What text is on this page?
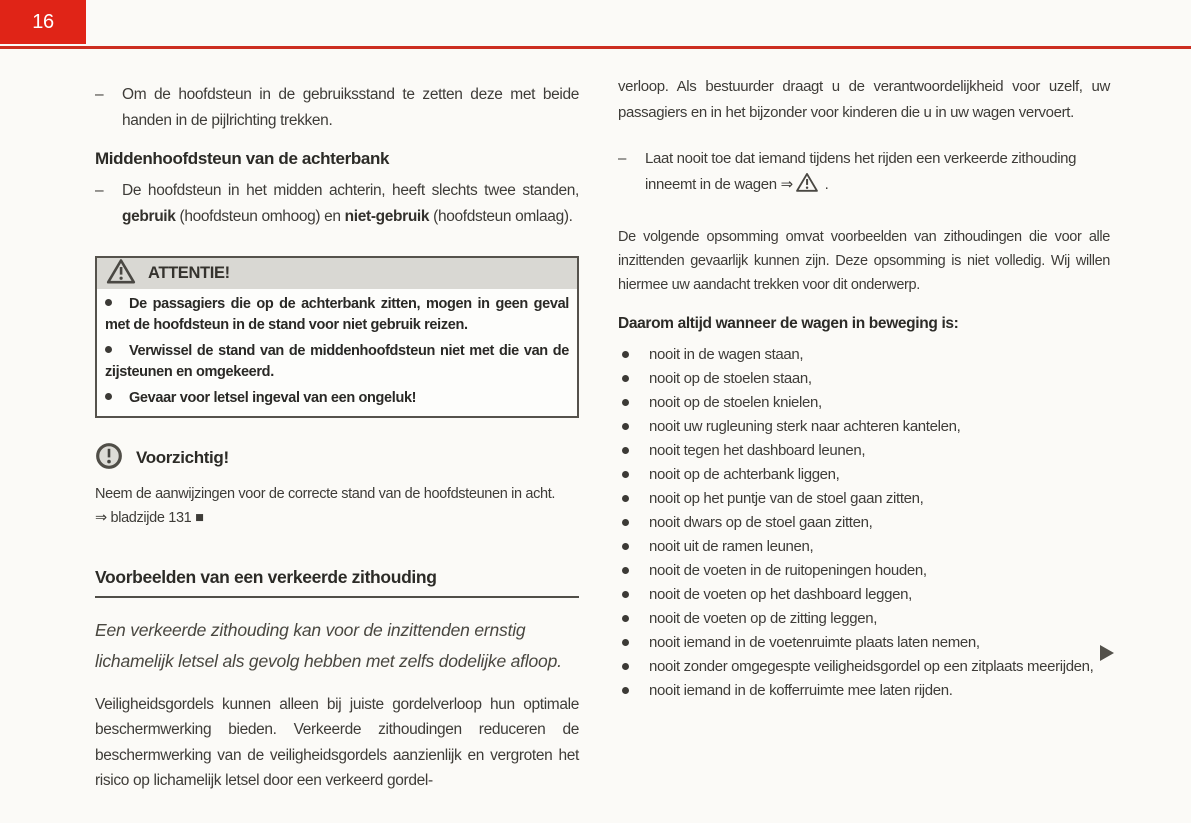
16
–	Om de hoofdsteun in de gebruiksstand te zetten deze met beide handen in de pijlrichting trekken.

Middenhoofdsteun van de achterbank

–	De hoofdsteun in het midden achterin, heeft slechts twee standen, gebruik (hoofdsteun omhoog) en niet-gebruik (hoofdsteun omlaag).
ATTENTIE!

De passagiers die op de achterbank zitten, mogen in geen geval met de hoofdsteun in de stand voor niet gebruik reizen.

Verwissel de stand van de middenhoofdsteun niet met die van de zijsteunen en omgekeerd.

Gevaar voor letsel ingeval van een ongeluk!

Voorzichtig!

Neem de aanwijzingen voor de correcte stand van de hoofdsteunen in acht.
⇒ bladzijde 131 ■

Voorbeelden van een verkeerde zithouding

Een verkeerde zithouding kan voor de inzittenden ernstig lichamelijk letsel als gevolg hebben met zelfs dodelijke afloop.

Veiligheidsgordels kunnen alleen bij juiste gordelverloop hun optimale beschermwerking bieden. Verkeerde zithoudingen reduceren de beschermwerking van de veiligheidsgordels aanzienlijk en vergroten het risico op lichamelijk letsel door een verkeerd gordel-

verloop. Als bestuurder draagt u de verantwoordelijkheid voor uzelf, uw passagiers en in het bijzonder voor kinderen die u in uw wagen vervoert.

–	Laat nooit toe dat iemand tijdens het rijden een verkeerde zithouding inneemt in de wagen ⇒ .

De volgende opsomming omvat voorbeelden van zithoudingen die voor alle inzittenden gevaarlijk kunnen zijn. Deze opsomming is niet volledig. Wij willen hiermee uw aandacht trekken voor dit onderwerp.

Daarom altijd wanneer de wagen in beweging is:

nooit in de wagen staan,
nooit op de stoelen staan,
nooit op de stoelen knielen,
nooit uw rugleuning sterk naar achteren kantelen,
nooit tegen het dashboard leunen,
nooit op de achterbank liggen,
nooit op het puntje van de stoel gaan zitten,
nooit dwars op de stoel gaan zitten,
nooit uit de ramen leunen,
nooit de voeten in de ruitopeningen houden,
nooit de voeten op het dashboard leggen,
nooit de voeten op de zitting leggen,
nooit iemand in de voetenruimte plaats laten nemen,
nooit zonder omgegespte veiligheidsgordel op een zitplaats meerijden,
nooit iemand in de kofferruimte mee laten rijden.
